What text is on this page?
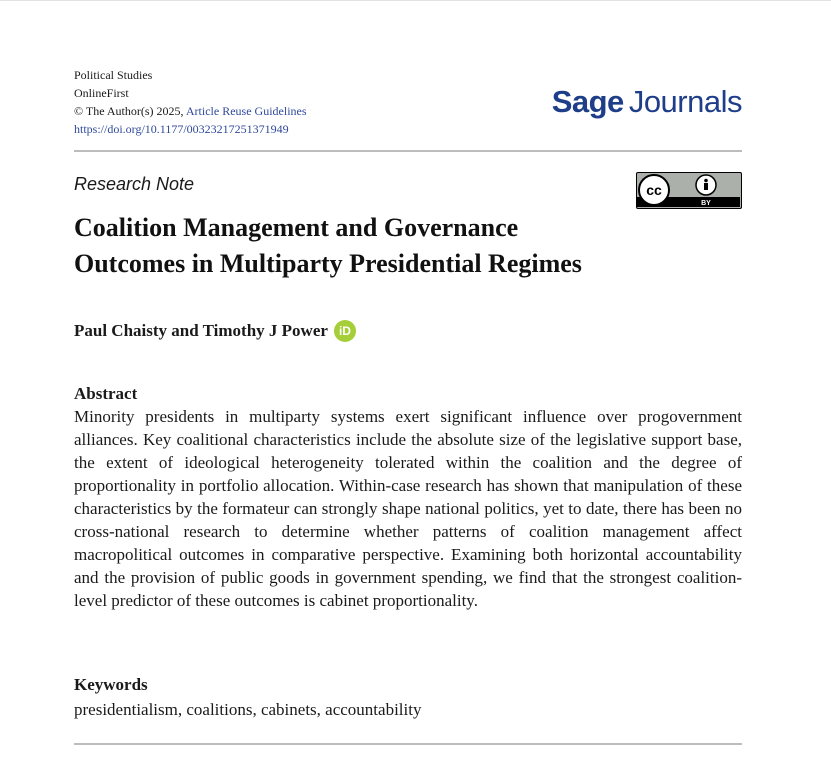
Political Studies
OnlineFirst
© The Author(s) 2025, Article Reuse Guidelines
https://doi.org/10.1177/00323217251371949
Sage Journals
Research Note	cc
BY
Coalition Management and Governance
Outcomes in Multiparty Presidential Regimes
Paul Chaisty and Timothy J Power iD
Abstract
Minority presidents in multiparty systems exert significant influence over progovernment alliances. Key coalitional characteristics include the absolute size of the legislative support base, the extent of ideological heterogeneity tolerated within the coalition and the degree of proportionality in portfolio allocation. Within-case research has shown that manipulation of these characteristics by the formateur can strongly shape national politics, yet to date, there has been no cross-national research to determine whether patterns of coalition management affect macropolitical outcomes in comparative perspective. Examining both horizontal accountability and the provision of public goods in government spending, we find that the strongest coalition-level predictor of these outcomes is cabinet proportionality.
Keywords
presidentialism, coalitions, cabinets, accountability
